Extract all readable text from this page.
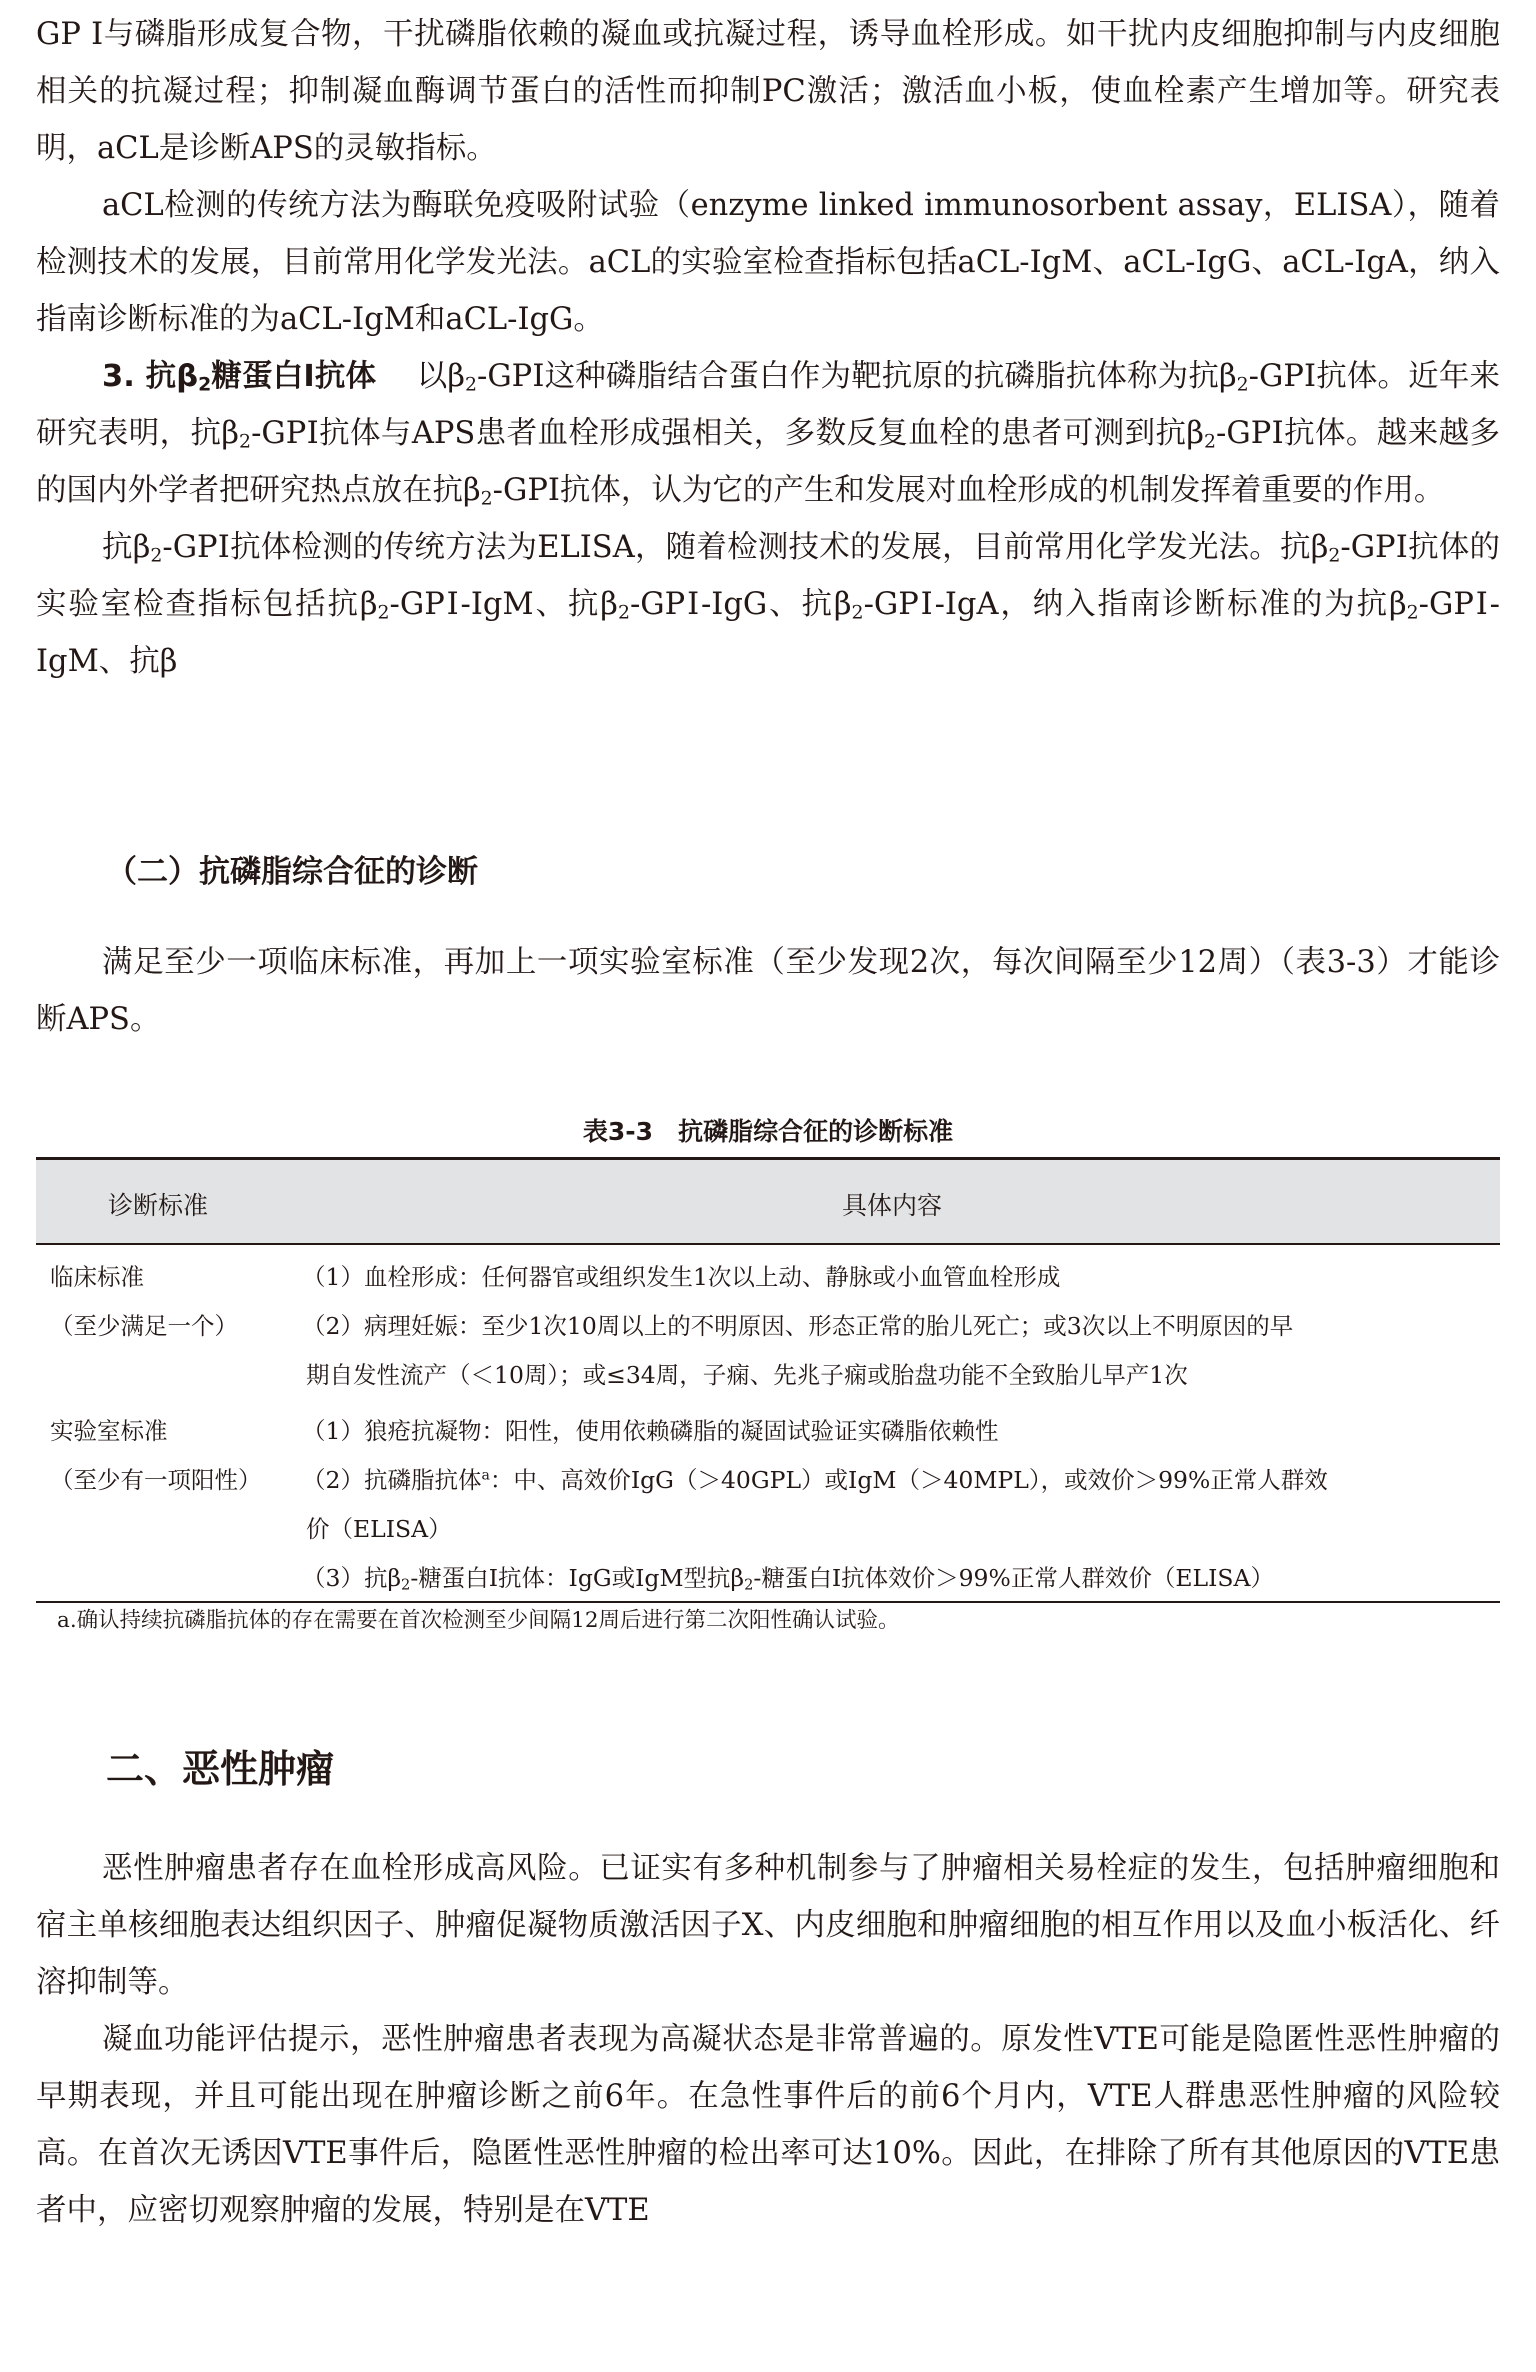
GP Ⅰ与磷脂形成复合物，干扰磷脂依赖的凝血或抗凝过程，诱导血栓形成。如干扰内皮细胞抑制与内皮细胞相关的抗凝过程；抑制凝血酶调节蛋白的活性而抑制PC激活；激活血小板，使血栓素产生增加等。研究表明，aCL是诊断APS的灵敏指标。

aCL检测的传统方法为酶联免疫吸附试验（enzyme linked immunosorbent assay，ELISA），随着检测技术的发展，目前常用化学发光法。aCL的实验室检查指标包括aCL-IgM、aCL-IgG、aCL-IgA，纳入指南诊断标准的为aCL-IgM和aCL-IgG。

3. 抗$\beta_2$糖蛋白Ⅰ抗体　 以$\beta_2$-GPⅠ这种磷脂结合蛋白作为靶抗原的抗磷脂抗体称为抗$\beta_2$-GPⅠ抗体。近年来研究表明，抗$\beta_2$-GPⅠ抗体与APS患者血栓形成强相关，多数反复血栓的患者可测到抗$\beta_2$-GPⅠ抗体。越来越多的国内外学者把研究热点放在抗$\beta_2$-GPⅠ抗体，认为它的产生和发展对血栓形成的机制发挥着重要的作用。

抗$\beta_2$-GPⅠ抗体检测的传统方法为ELISA，随着检测技术的发展，目前常用化学发光法。抗$\beta_2$-GPⅠ抗体的实验室检查指标包括抗$\beta_2-GPⅠ$-IgM、抗$\beta_2-GPⅠ$-IgG、抗$\beta_2-GPⅠ$-IgA，纳入指南诊断标准的为抗$\beta_2-GPⅠ$-IgM、抗β

（二）抗磷脂综合征的诊断

满足至少一项临床标准，再加上一项实验室标准（至少发现2次，每次间隔至少12周）（表3-3）才能诊断APS。

表3-3　抗磷脂综合征的诊断标准
诊断标准	具体内容
临床标准
（至少满足一个）
（1）血栓形成：任何器官或组织发生1次以上动、静脉或小血管血栓形成
（2）病理妊娠：至少1次10周以上的不明原因、形态正常的胎儿死亡；或3次以上不明原因的早
期自发性流产（＜10周）；或≤34周，子痫、先兆子痫或胎盘功能不全致胎儿早产1次
实验室标准
（至少有一项阳性）
（1）狼疮抗凝物：阳性，使用依赖磷脂的凝固试验证实磷脂依赖性
（2）抗磷脂抗体$^a$：中、高效价IgG（＞40GPL）或IgM（＞40MPL），或效价＞99%正常人群效
价（ELISA）
（3）抗$\beta_2-$糖蛋白Ⅰ抗体：IgG或IgM型抗$\beta_2-$糖蛋白Ⅰ抗体效价＞99%正常人群效价（ELISA）
a.确认持续抗磷脂抗体的存在需要在首次检测至少间隔12周后进行第二次阳性确认试验。
二、恶性肿瘤

恶性肿瘤患者存在血栓形成高风险。已证实有多种机制参与了肿瘤相关易栓症的发生，包括肿瘤细胞和宿主单核细胞表达组织因子、肿瘤促凝物质激活因子X、内皮细胞和肿瘤细胞的相互作用以及血小板活化、纤溶抑制等。

凝血功能评估提示，恶性肿瘤患者表现为高凝状态是非常普遍的。原发性VTE可能是隐匿性恶性肿瘤的早期表现，并且可能出现在肿瘤诊断之前6年。在急性事件后的前6个月内，VTE人群患恶性肿瘤的风险较高。在首次无诱因VTE事件后，隐匿性恶性肿瘤的检出率可达10%。因此，在排除了所有其他原因的VTE患者中，应密切观察肿瘤的发展，特别是在VTE
